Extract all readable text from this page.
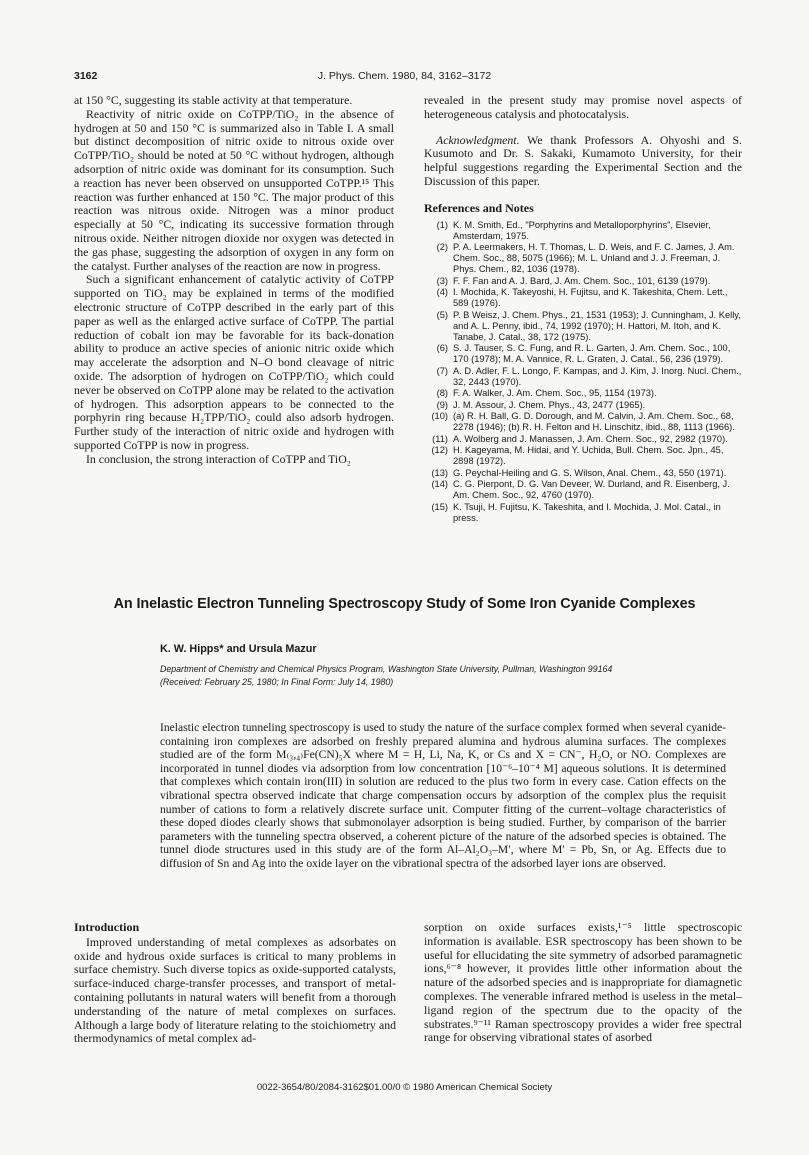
3162	J. Phys. Chem. 1980, 84, 3162–3172

at 150 °C, suggesting its stable activity at that temperature.

Reactivity of nitric oxide on CoTPP/TiO₂ in the absence of hydrogen at 50 and 150 °C is summarized also in Table I. A small but distinct decomposition of nitric oxide to nitrous oxide over CoTPP/TiO₂ should be noted at 50 °C without hydrogen, although adsorption of nitric oxide was dominant for its consumption. Such a reaction has never been observed on unsupported CoTPP.¹⁵ This reaction was further enhanced at 150 °C. The major product of this reaction was nitrous oxide. Nitrogen was a minor product especially at 50 °C, indicating its successive formation through nitrous oxide. Neither nitrogen dioxide nor oxygen was detected in the gas phase, suggesting the adsorption of oxygen in any form on the catalyst. Further analyses of the reaction are now in progress.

Such a significant enhancement of catalytic activity of CoTPP supported on TiO₂ may be explained in terms of the modified electronic structure of CoTPP described in the early part of this paper as well as the enlarged active surface of CoTPP. The partial reduction of cobalt ion may be favorable for its back-donation ability to produce an active species of anionic nitric oxide which may accelerate the adsorption and N–O bond cleavage of nitric oxide. The adsorption of hydrogen on CoTPP/TiO₂ which could never be observed on CoTPP alone may be related to the activation of hydrogen. This adsorption appears to be connected to the porphyrin ring because H₂TPP/TiO₂ could also adsorb hydrogen. Further study of the interaction of nitric oxide and hydrogen with supported CoTPP is now in progress.

In conclusion, the strong interaction of CoTPP and TiO₂

revealed in the present study may promise novel aspects of heterogeneous catalysis and photocatalysis.

Acknowledgment. We thank Professors A. Ohyoshi and S. Kusumoto and Dr. S. Sakaki, Kumamoto University, for their helpful suggestions regarding the Experimental Section and the Discussion of this paper.

References and Notes
(1) K. M. Smith, Ed., "Porphyrins and Metalloporphyrins", Elsevier, Amsterdam, 1975.
(2) P. A. Leermakers, H. T. Thomas, L. D. Weis, and F. C. James, J. Am. Chem. Soc., 88, 5075 (1966); M. L. Unland and J. J. Freeman, J. Phys. Chem., 82, 1036 (1978).
(3) F. F. Fan and A. J. Bard, J. Am. Chem. Soc., 101, 6139 (1979).
(4) I. Mochida, K. Takeyoshi, H. Fujitsu, and K. Takeshita, Chem. Lett., 589 (1976).
(5) P. B Weisz, J. Chem. Phys., 21, 1531 (1953); J. Cunningham, J. Kelly, and A. L. Penny, ibid., 74, 1992 (1970); H. Hattori, M. Itoh, and K. Tanabe, J. Catal., 38, 172 (1975).
(6) S. J. Tauser, S. C. Fung, and R. L. Garten, J. Am. Chem. Soc., 100, 170 (1978); M. A. Vannice, R. L. Graten, J. Catal., 56, 236 (1979).
(7) A. D. Adler, F. L. Longo, F. Kampas, and J. Kim, J. Inorg. Nucl. Chem., 32, 2443 (1970).
(8) F. A. Walker, J. Am. Chem. Soc., 95, 1154 (1973).
(9) J. M. Assour, J. Chem. Phys., 43, 2477 (1965).
(10) (a) R. H. Ball, G. D. Dorough, and M. Calvin, J. Am. Chem. Soc., 68, 2278 (1946); (b) R. H. Felton and H. Linschitz, ibid., 88, 1113 (1966).
(11) A. Wolberg and J. Manassen, J. Am. Chem. Soc., 92, 2982 (1970).
(12) H. Kageyama, M. Hidai, and Y. Uchida, Bull. Chem. Soc. Jpn., 45, 2898 (1972).
(13) G. Peychal-Heiling and G. S. Wilson, Anal. Chem., 43, 550 (1971).
(14) C. G. Pierpont, D. G. Van Deveer, W. Durland, and R. Eisenberg, J. Am. Chem. Soc., 92, 4760 (1970).
(15) K. Tsuji, H. Fujitsu, K. Takeshita, and I. Mochida, J. Mol. Catal., in press.
An Inelastic Electron Tunneling Spectroscopy Study of Some Iron Cyanide Complexes
K. W. Hipps* and Ursula Mazur
Department of Chemistry and Chemical Physics Program, Washington State University, Pullman, Washington 99164
(Received: February 25, 1980; In Final Form: July 14, 1980)

Inelastic electron tunneling spectroscopy is used to study the nature of the surface complex formed when several cyanide-containing iron complexes are adsorbed on freshly prepared alumina and hydrous alumina surfaces. The complexes studied are of the form M₍₃,₄₎Fe(CN)₅X where M = H, Li, Na, K, or Cs and X = CN⁻, H₂O, or NO. Complexes are incorporated in tunnel diodes via adsorption from low concentration [10⁻⁶–10⁻⁴ M] aqueous solutions. It is determined that complexes which contain iron(III) in solution are reduced to the plus two form in every case. Cation effects on the vibrational spectra observed indicate that charge compensation occurs by adsorption of the complex plus the requisit number of cations to form a relatively discrete surface unit. Computer fitting of the current–voltage characteristics of these doped diodes clearly shows that submonolayer adsorption is being studied. Further, by comparison of the barrier parameters with the tunneling spectra observed, a coherent picture of the nature of the adsorbed species is obtained. The tunnel diode structures used in this study are of the form Al–Al₂O₃–M′, where M′ = Pb, Sn, or Ag. Effects due to diffusion of Sn and Ag into the oxide layer on the vibrational spectra of the adsorbed layer ions are observed.

Introduction

Improved understanding of metal complexes as adsorbates on oxide and hydrous oxide surfaces is critical to many problems in surface chemistry. Such diverse topics as oxide-supported catalysts, surface-induced charge-transfer processes, and transport of metal-containing pollutants in natural waters will benefit from a thorough understanding of the nature of metal complexes on surfaces. Although a large body of literature relating to the stoichiometry and thermodynamics of metal complex ad-

sorption on oxide surfaces exists,¹⁻⁵ little spectroscopic information is available. ESR spectroscopy has been shown to be useful for ellucidating the site symmetry of adsorbed paramagnetic ions,⁶⁻⁸ however, it provides little other information about the nature of the adsorbed species and is inappropriate for diamagnetic complexes. The venerable infrared method is useless in the metal–ligand region of the spectrum due to the opacity of the substrates.⁹⁻¹¹ Raman spectroscopy provides a wider free spectral range for observing vibrational states of asorbed

0022-3654/80/2084-3162$01.00/0 © 1980 American Chemical Society
